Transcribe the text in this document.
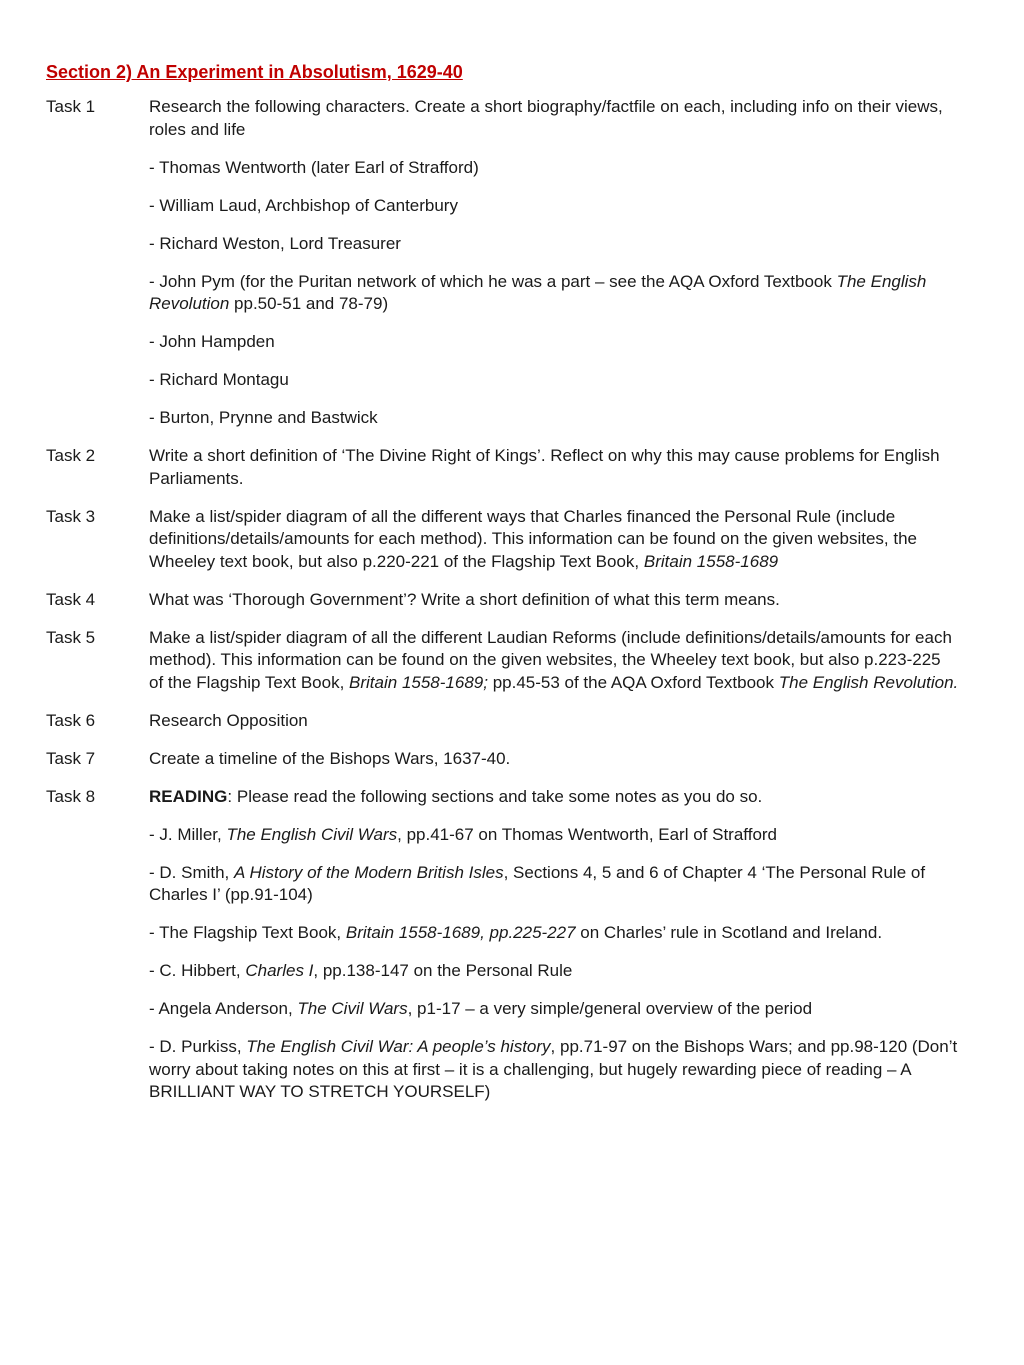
Section 2) An Experiment in Absolutism, 1629-40
Task 1	Research the following characters. Create a short biography/factfile on each, including info on their views, roles and life

- Thomas Wentworth (later Earl of Strafford)

- William Laud, Archbishop of Canterbury

- Richard Weston, Lord Treasurer

- John Pym (for the Puritan network of which he was a part – see the AQA Oxford Textbook The English Revolution pp.50-51 and 78-79)

- John Hampden

- Richard Montagu

- Burton, Prynne and Bastwick

Task 2	Write a short definition of ‘The Divine Right of Kings’. Reflect on why this may cause problems for English Parliaments.

Task 3	Make a list/spider diagram of all the different ways that Charles financed the Personal Rule (include definitions/details/amounts for each method). This information can be found on the given websites, the Wheeley text book, but also p.220-221 of the Flagship Text Book, Britain 1558-1689

Task 4	What was ‘Thorough Government’? Write a short definition of what this term means.

Task 5	Make a list/spider diagram of all the different Laudian Reforms (include definitions/details/amounts for each method). This information can be found on the given websites, the Wheeley text book, but also p.223-225 of the Flagship Text Book, Britain 1558-1689; pp.45-53 of the AQA Oxford Textbook The English Revolution.

Task 6	Research Opposition

Task 7	Create a timeline of the Bishops Wars, 1637-40.

Task 8	READING: Please read the following sections and take some notes as you do so.

- J. Miller, The English Civil Wars, pp.41-67 on Thomas Wentworth, Earl of Strafford

- D. Smith, A History of the Modern British Isles, Sections 4, 5 and 6 of Chapter 4 ‘The Personal Rule of Charles I’ (pp.91-104)

- The Flagship Text Book, Britain 1558-1689, pp.225-227 on Charles’ rule in Scotland and Ireland.

- C. Hibbert, Charles I, pp.138-147 on the Personal Rule

- Angela Anderson, The Civil Wars, p1-17 – a very simple/general overview of the period

- D. Purkiss, The English Civil War: A people’s history, pp.71-97 on the Bishops Wars; and pp.98-120 (Don’t worry about taking notes on this at first – it is a challenging, but hugely rewarding piece of reading – A BRILLIANT WAY TO STRETCH YOURSELF)
